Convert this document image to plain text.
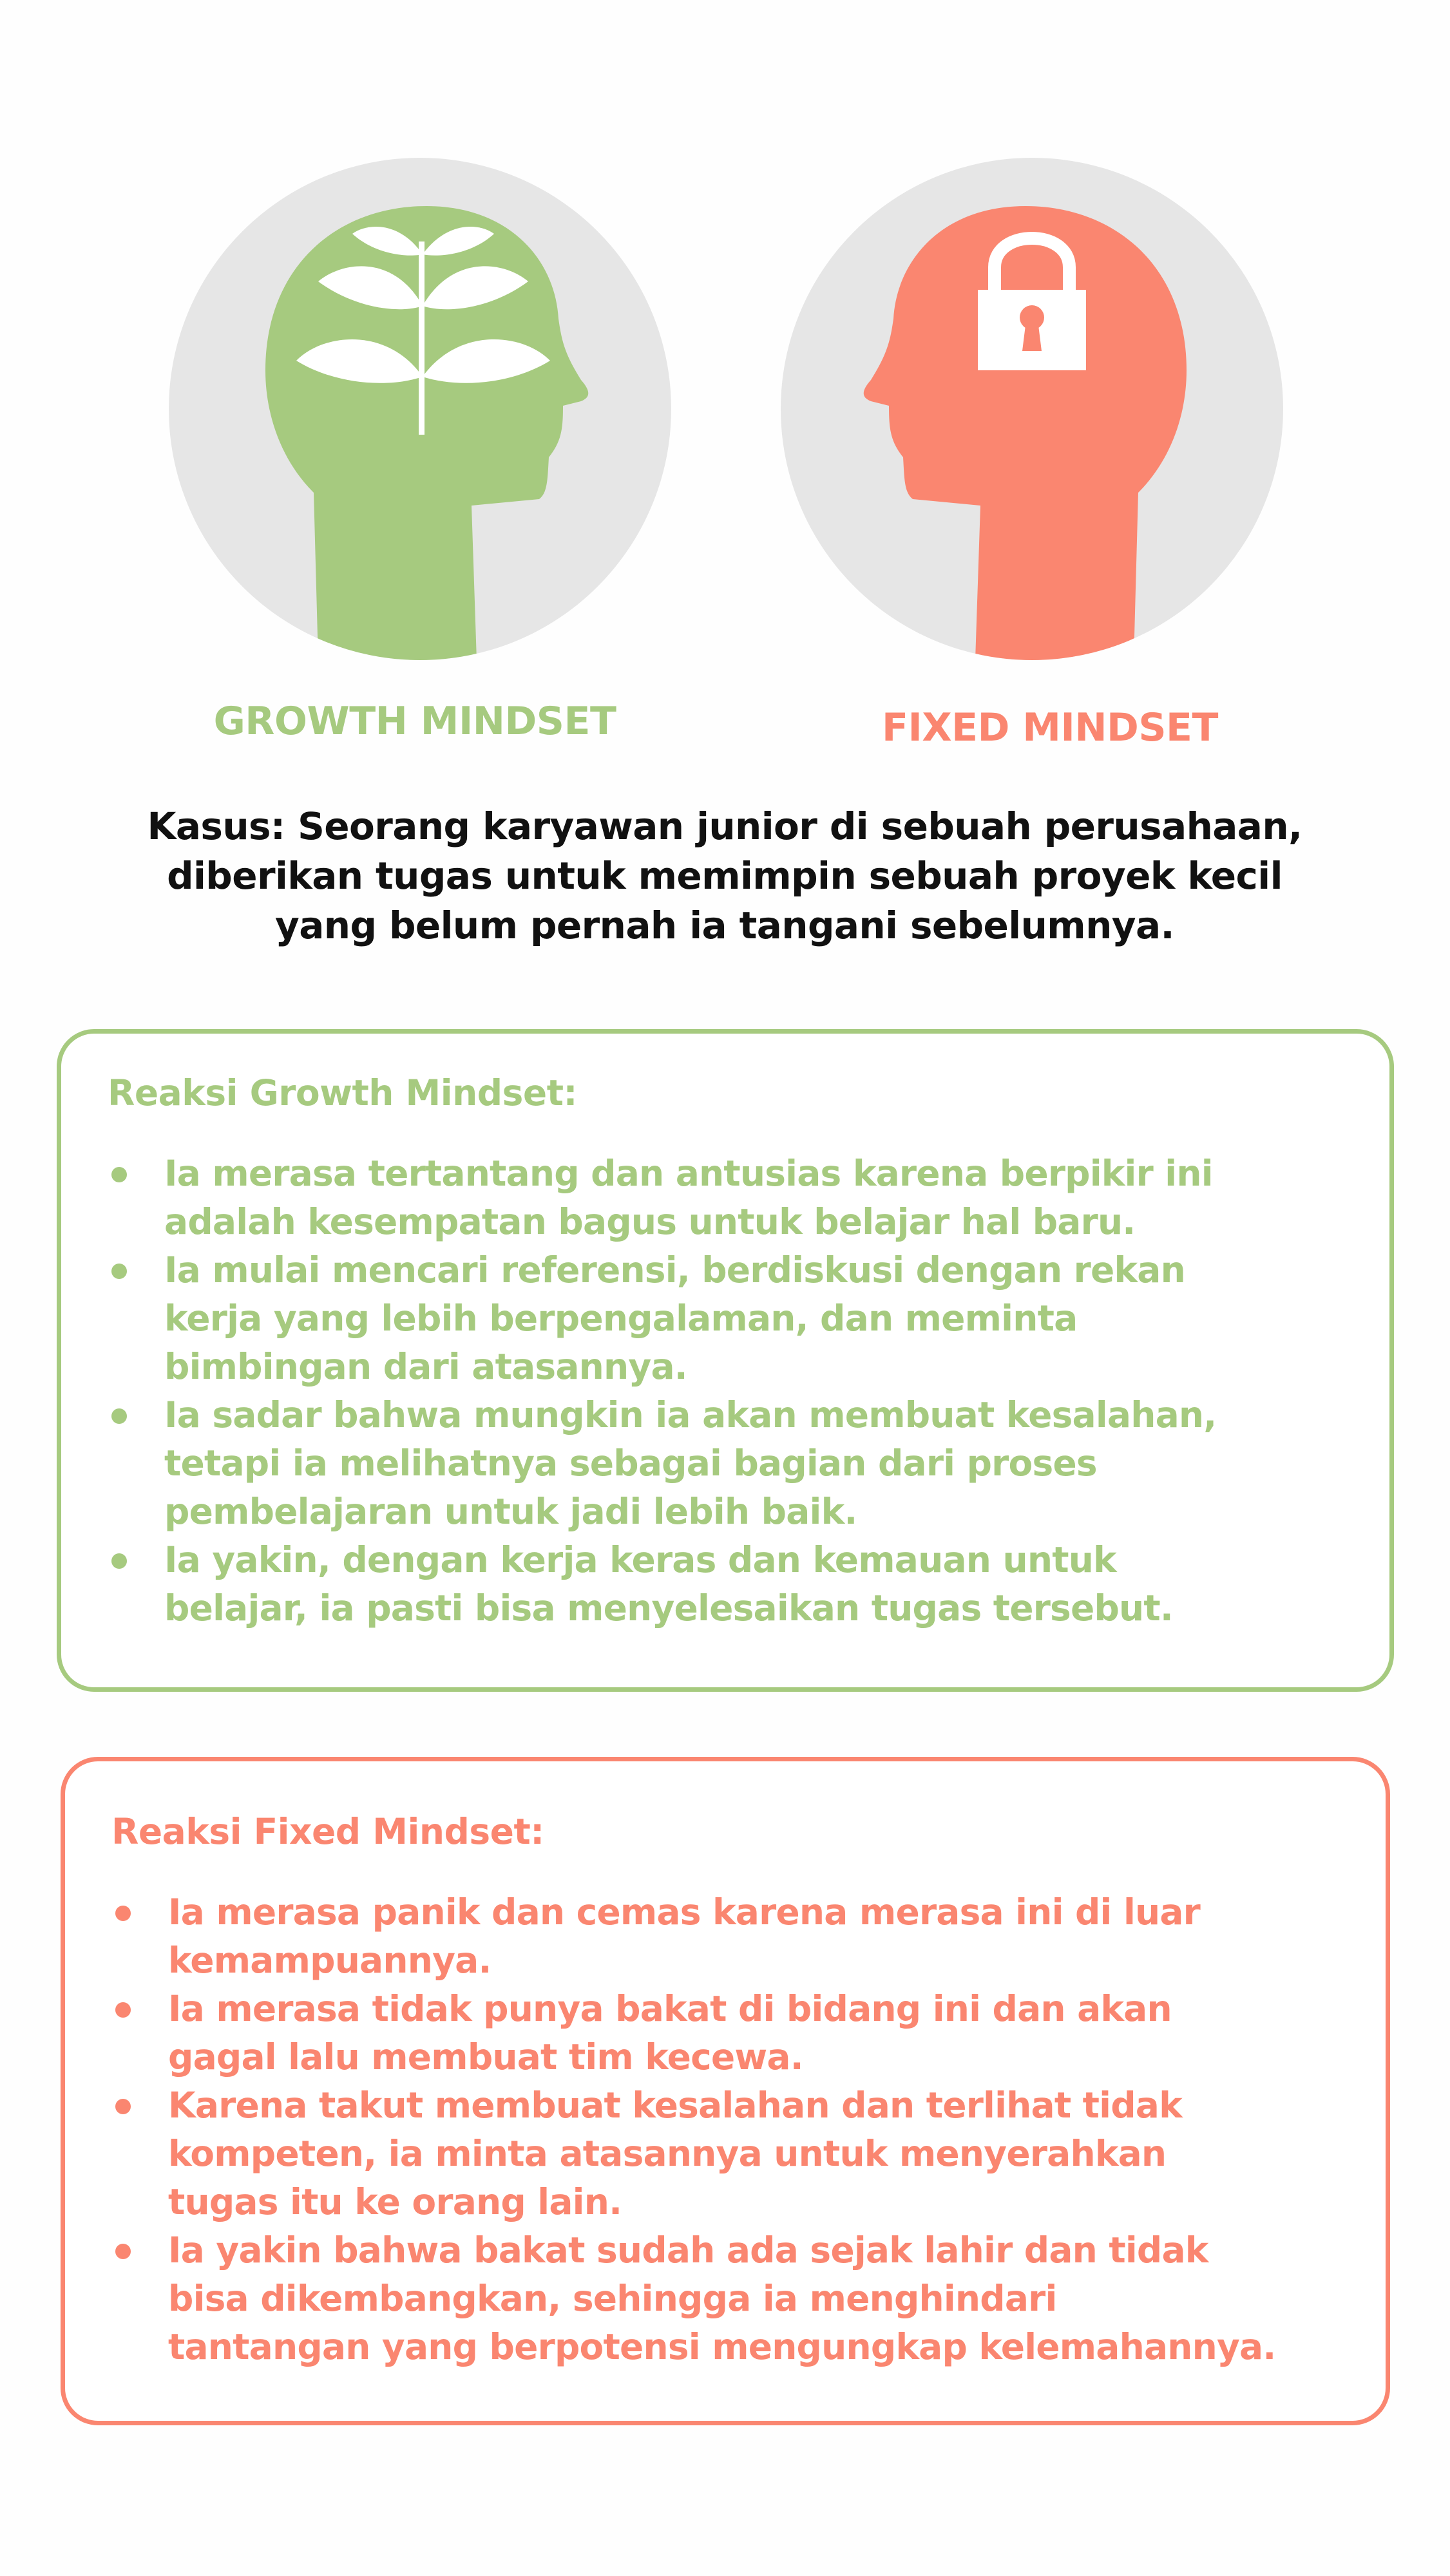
GROWTH MINDSET	FIXED MINDSET

Kasus: Seorang karyawan junior di sebuah perusahaan,
diberikan tugas untuk memimpin sebuah proyek kecil
yang belum pernah ia tangani sebelumnya.

Reaksi Growth Mindset:
Ia merasa tertantang dan antusias karena berpikir ini
adalah kesempatan bagus untuk belajar hal baru.
Ia mulai mencari referensi, berdiskusi dengan rekan
kerja yang lebih berpengalaman, dan meminta
bimbingan dari atasannya.
Ia sadar bahwa mungkin ia akan membuat kesalahan,
tetapi ia melihatnya sebagai bagian dari proses
pembelajaran untuk jadi lebih baik.
Ia yakin, dengan kerja keras dan kemauan untuk
belajar, ia pasti bisa menyelesaikan tugas tersebut.
Reaksi Fixed Mindset:
Ia merasa panik dan cemas karena merasa ini di luar
kemampuannya.
Ia merasa tidak punya bakat di bidang ini dan akan
gagal lalu membuat tim kecewa.
Karena takut membuat kesalahan dan terlihat tidak
kompeten, ia minta atasannya untuk menyerahkan
tugas itu ke orang lain.
Ia yakin bahwa bakat sudah ada sejak lahir dan tidak
bisa dikembangkan, sehingga ia menghindari
tantangan yang berpotensi mengungkap kelemahannya.
